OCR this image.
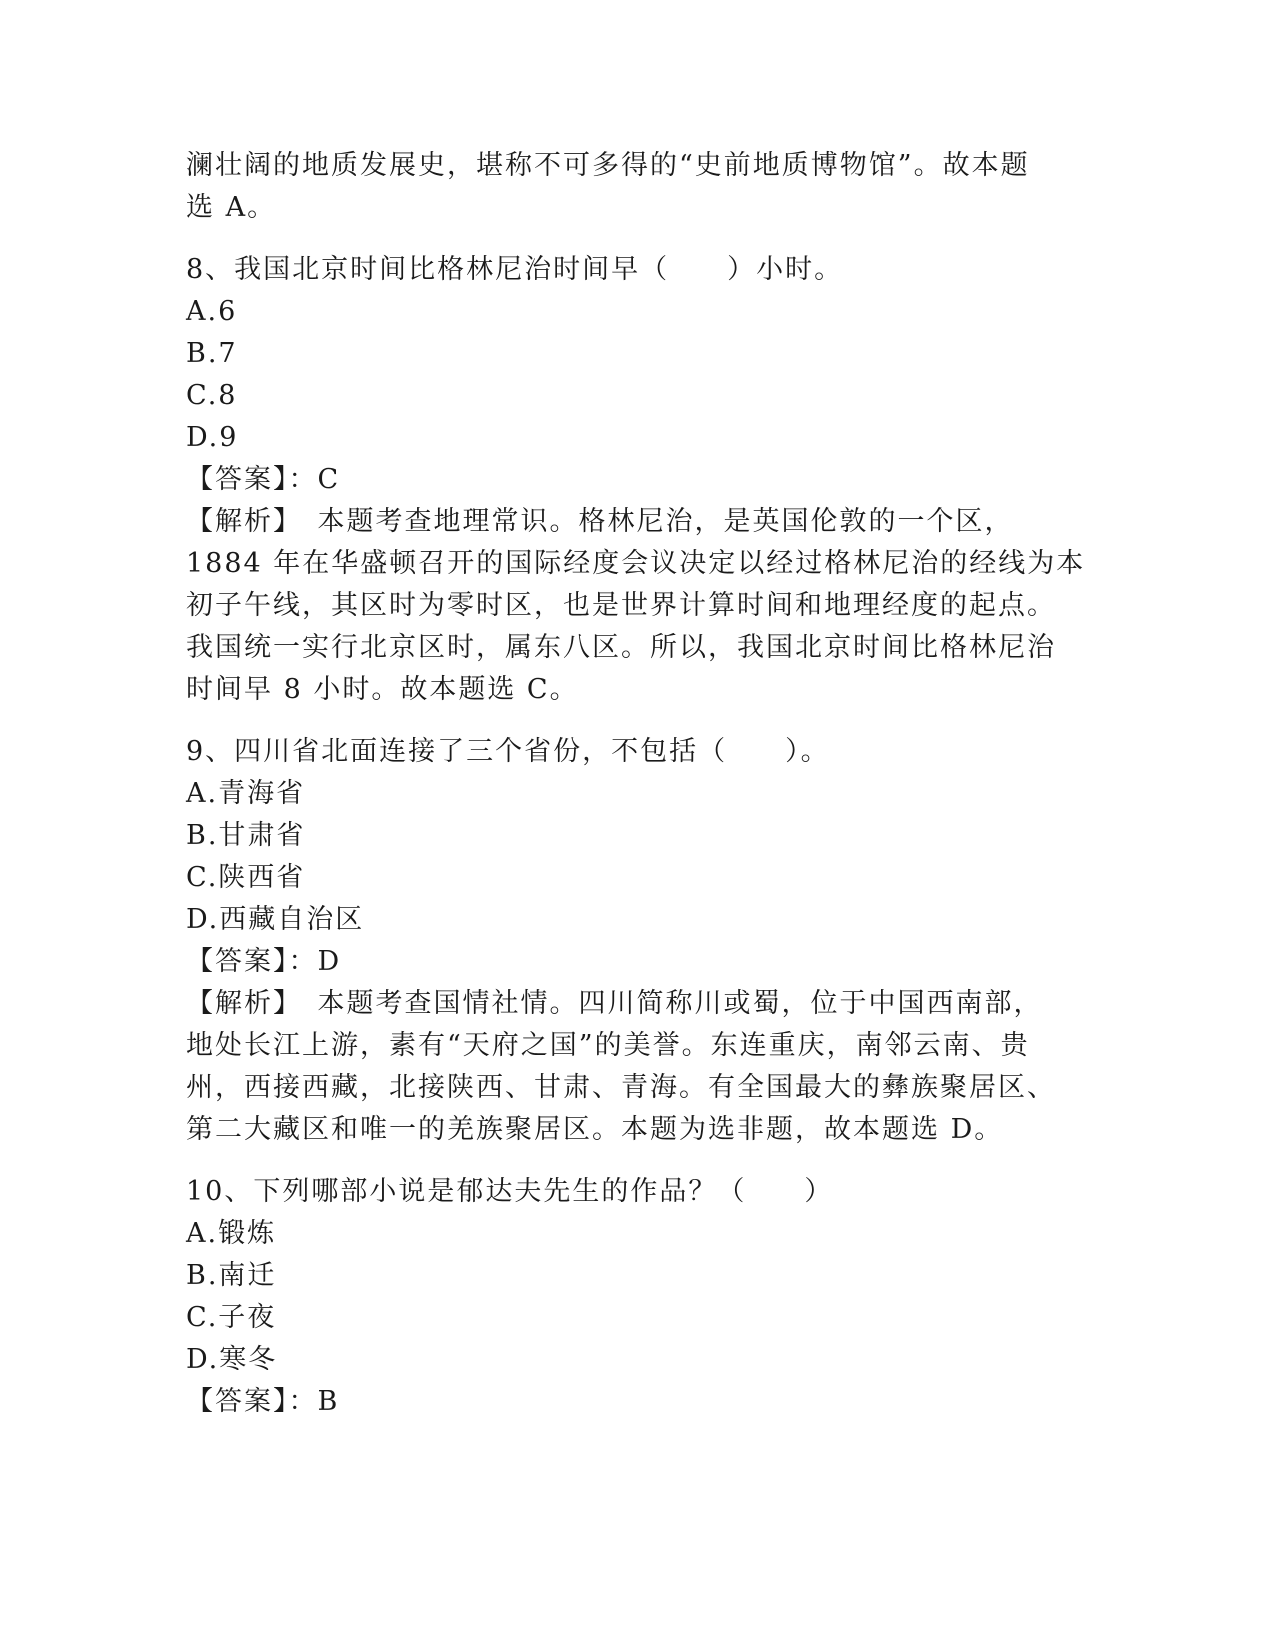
澜壮阔的地质发展史，堪称不可多得的“史前地质博物馆”。故本题
选 A。
8、我国北京时间比格林尼治时间早（　　）小时。
A.6
B.7
C.8
D.9
【答案】：C
【解析】　本题考查地理常识。格林尼治，是英国伦敦的一个区，
1884 年在华盛顿召开的国际经度会议决定以经过格林尼治的经线为本
初子午线，其区时为零时区，也是世界计算时间和地理经度的起点。
我国统一实行北京区时，属东八区。所以，我国北京时间比格林尼治
时间早 8 小时。故本题选 C。
9、四川省北面连接了三个省份，不包括（　　）。
A.青海省
B.甘肃省
C.陕西省
D.西藏自治区
【答案】：D
【解析】　本题考查国情社情。四川简称川或蜀，位于中国西南部，
地处长江上游，素有“天府之国”的美誉。东连重庆，南邻云南、贵
州，西接西藏，北接陕西、甘肃、青海。有全国最大的彝族聚居区、
第二大藏区和唯一的羌族聚居区。本题为选非题，故本题选 D。
10、下列哪部小说是郁达夫先生的作品？（　　）
A.锻炼
B.南迁
C.子夜
D.寒冬
【答案】：B
